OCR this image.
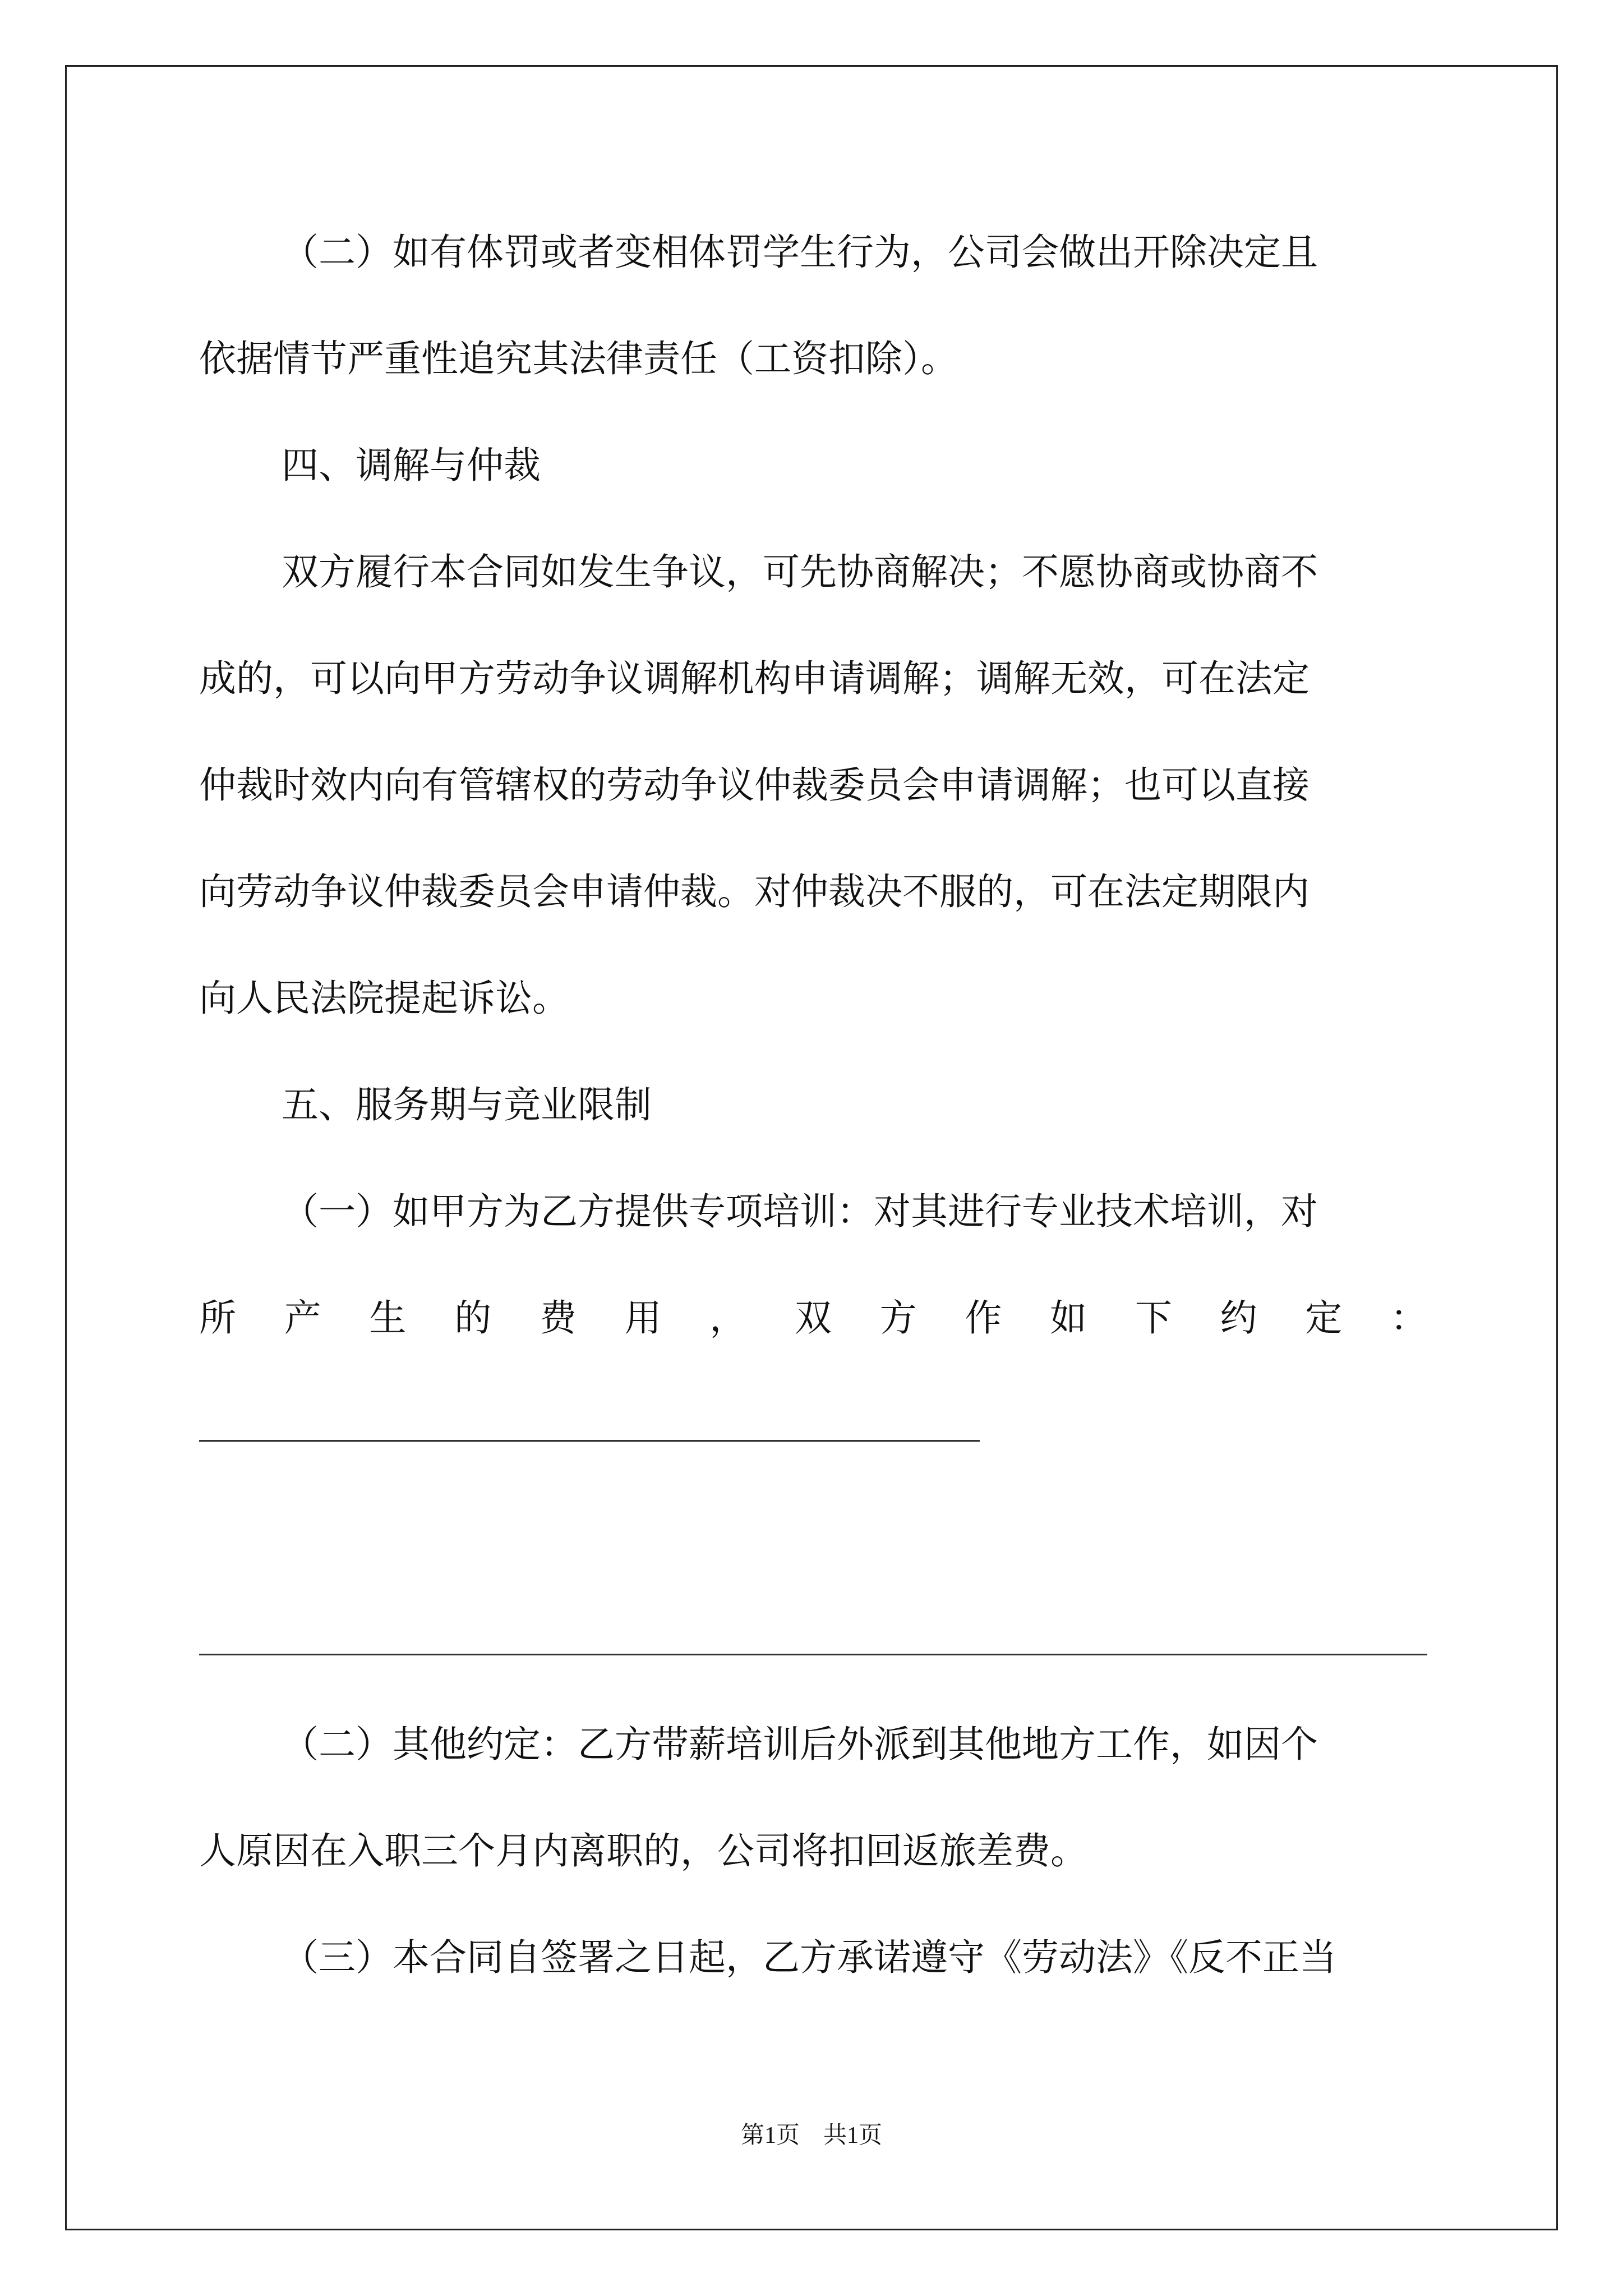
（二）如有体罚或者变相体罚学生行为，公司会做出开除决定且
依据情节严重性追究其法律责任（工资扣除）。
四、调解与仲裁
双方履行本合同如发生争议，可先协商解决；不愿协商或协商不
成的，可以向甲方劳动争议调解机构申请调解；调解无效，可在法定
仲裁时效内向有管辖权的劳动争议仲裁委员会申请调解；也可以直接
向劳动争议仲裁委员会申请仲裁。对仲裁决不服的，可在法定期限内
向人民法院提起诉讼。
五、服务期与竞业限制
（一）如甲方为乙方提供专项培训：对其进行专业技术培训，对
所产生的费用，双方作如下约定：
（二）其他约定：乙方带薪培训后外派到其他地方工作，如因个
人原因在入职三个月内离职的，公司将扣回返旅差费。
（三）本合同自签署之日起，乙方承诺遵守《劳动法》《反不正当
第1页　共1页
